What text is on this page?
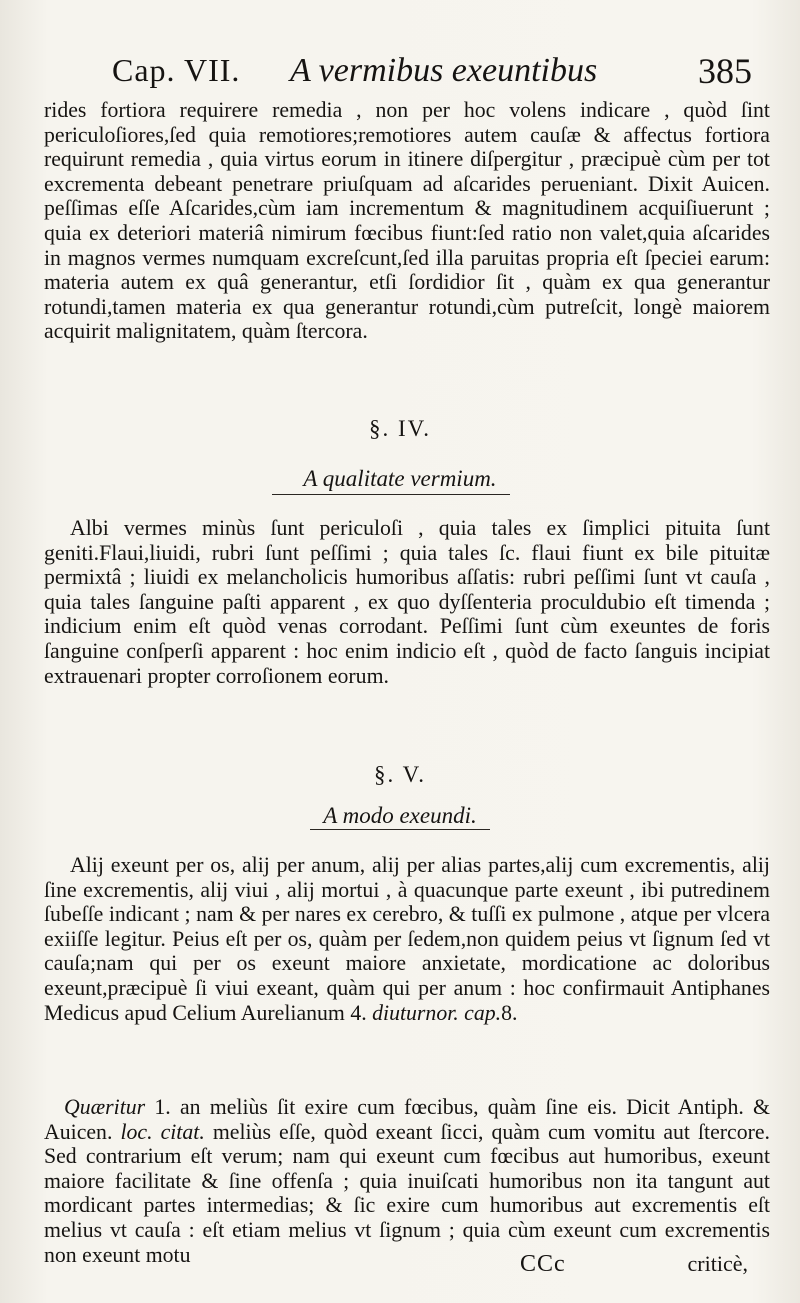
Cap. VII. A vermibus exeuntibus	385
rides fortiora requirere remedia , non per hoc volens indicare , quòd ſint periculoſiores,ſed quia remotiores;remotiores autem cauſæ & affectus fortiora requirunt remedia , quia virtus eorum in itinere diſpergitur , præcipuè cùm per tot excrementa debeant penetrare priuſquam ad aſcarides perueniant. Dixit Auicen. peſſimas eſſe Aſcarides,cùm iam incrementum & magnitudinem acquiſiuerunt ; quia ex deteriori materiâ nimirum fœcibus fiunt:ſed ratio non valet,quia aſcarides in magnos vermes numquam excreſcunt,ſed illa paruitas propria eſt ſpeciei earum: materia autem ex quâ generantur, etſi ſordidior ſit , quàm ex qua generantur rotundi,tamen materia ex qua generantur rotundi,cùm putreſcit, longè maiorem acquirit malignitatem, quàm ſtercora.
§. IV.
A qualitate vermium.
Albi vermes minùs ſunt periculoſi , quia tales ex ſimplici pituita ſunt geniti.Flaui,liuidi, rubri ſunt peſſimi ; quia tales ſc. flaui fiunt ex bile pituitæ permixtâ ; liuidi ex melancholicis humoribus aſſatis: rubri peſſimi ſunt vt cauſa , quia tales ſanguine paſti apparent , ex quo dyſſenteria proculdubio eſt timenda ; indicium enim eſt quòd venas corrodant. Peſſimi ſunt cùm exeuntes de foris ſanguine conſperſi apparent : hoc enim indicio eſt , quòd de facto ſanguis incipiat extrauenari propter corroſionem eorum.
§. V.
A modo exeundi.
Alij exeunt per os, alij per anum, alij per alias partes,alij cum excrementis, alij ſine excrementis, alij viui , alij mortui , à quacunque parte exeunt , ibi putredinem ſubeſſe indicant ; nam & per nares ex cerebro, & tuſſi ex pulmone , atque per vlcera exiiſſe legitur. Peius eſt per os, quàm per ſedem,non quidem peius vt ſignum ſed vt cauſa;nam qui per os exeunt maiore anxietate, mordicatione ac doloribus exeunt,præcipuè ſi viui exeant, quàm qui per anum : hoc confirmauit Antiphanes Medicus apud Celium Aurelianum 4. diuturnor. cap.8.
Quæritur 1. an meliùs ſit exire cum fœcibus, quàm ſine eis. Dicit Antiph. & Auicen. loc. citat. meliùs eſſe, quòd exeant ſicci, quàm cum vomitu aut ſtercore. Sed contrarium eſt verum; nam qui exeunt cum fœcibus aut humoribus, exeunt maiore facilitate & ſine offenſa ; quia inuiſcati humoribus non ita tangunt aut mordicant partes intermedias; & ſic exire cum humoribus aut excrementis eſt melius vt cauſa : eſt etiam melius vt ſignum ; quia cùm exeunt cum excrementis non exeunt motu	CCc	criticè,
